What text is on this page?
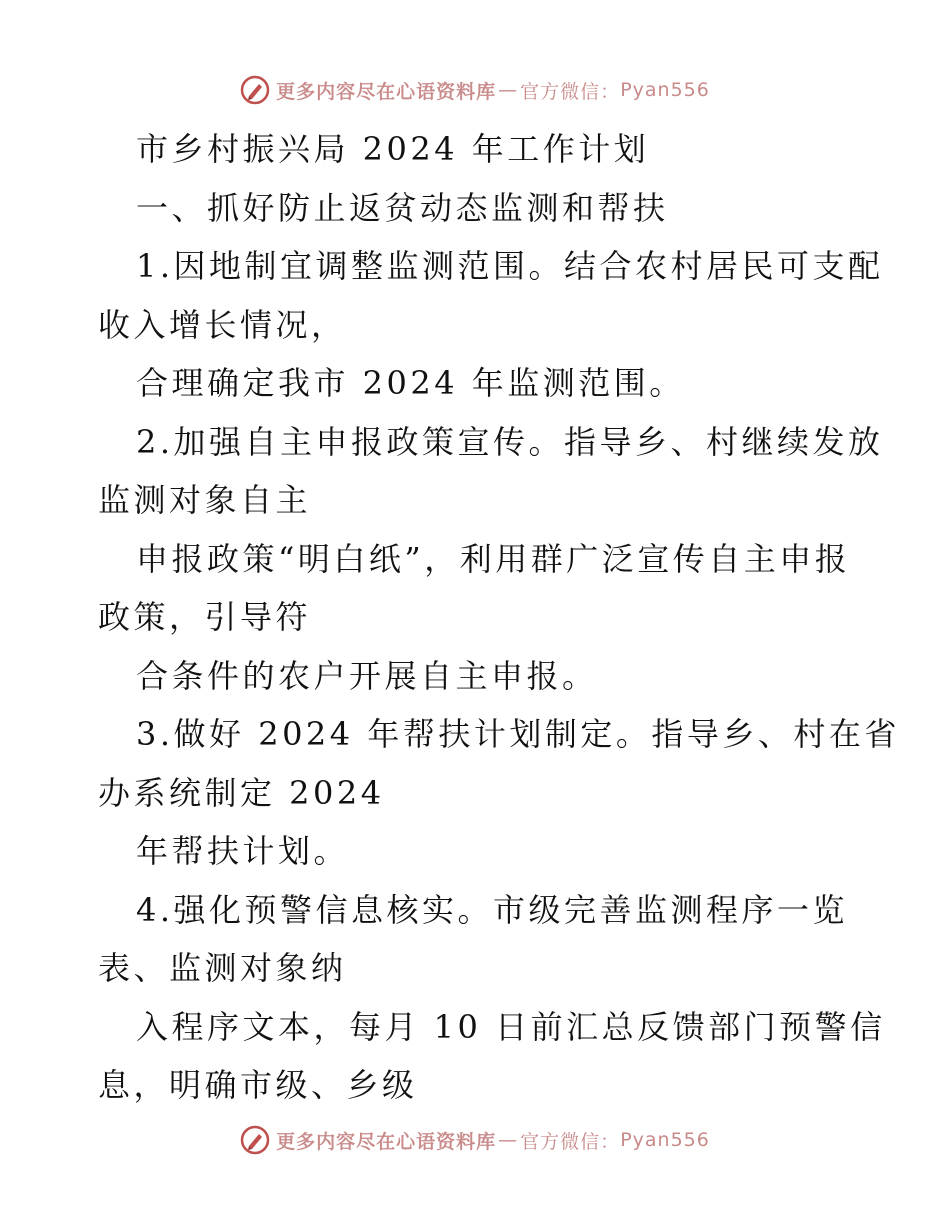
更多内容尽在心语资料库 — 官方微信： Pyan556
市乡村振兴局 2024 年工作计划
一、抓好防止返贫动态监测和帮扶
1.因地制宜调整监测范围。结合农村居民可支配
收入增长情况，
合理确定我市 2024 年监测范围。
2.加强自主申报政策宣传。指导乡、村继续发放
监测对象自主
申报政策“明白纸”，利用群广泛宣传自主申报
政策，引导符
合条件的农户开展自主申报。
3.做好 2024 年帮扶计划制定。指导乡、村在省
办系统制定 2024
年帮扶计划。
4.强化预警信息核实。市级完善监测程序一览
表、监测对象纳
入程序文本，每月 10 日前汇总反馈部门预警信
息，明确市级、乡级
更多内容尽在心语资料库 — 官方微信： Pyan556
